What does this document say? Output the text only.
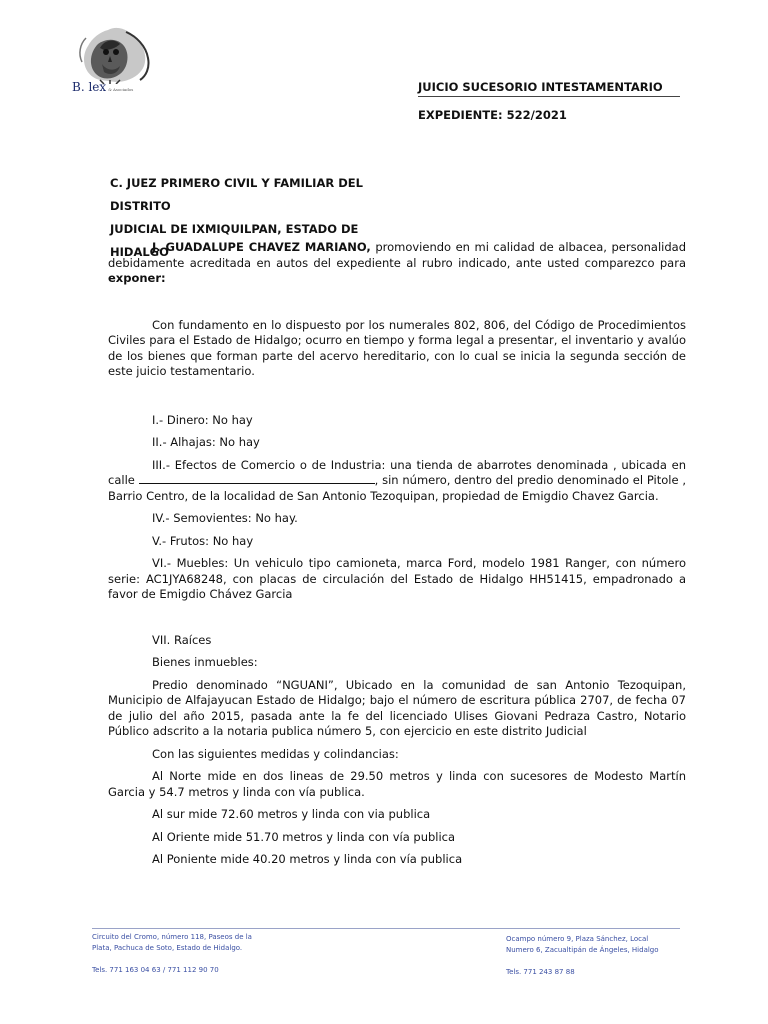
B. lex & Asociados	JUICIO SUCESORIO INTESTAMENTARIO
EXPEDIENTE: 522/2021
C. JUEZ PRIMERO CIVIL Y FAMILIAR DEL DISTRITO
JUDICIAL DE IXMIQUILPAN, ESTADO DE HIDALGO

J. GUADALUPE CHAVEZ MARIANO, promoviendo en mi calidad de albacea, personalidad debidamente acreditada en autos del expediente al rubro indicado, ante usted comparezco para exponer:

Con fundamento en lo dispuesto por los numerales 802, 806, del Código de Procedimientos Civiles para el Estado de Hidalgo; ocurro en tiempo y forma legal a presentar, el inventario y avalúo de los bienes que forman parte del acervo hereditario, con lo cual se inicia la segunda sección de este juicio testamentario.

I.- Dinero: No hay

II.- Alhajas: No hay

III.- Efectos de Comercio o de Industria: una tienda de abarrotes denominada , ubicada en calle	, sin número, dentro del predio denominado el Pitole , Barrio Centro, de la localidad de San Antonio Tezoquipan, propiedad de Emigdio Chavez Garcia.

IV.- Semovientes: No hay.

V.- Frutos: No hay

VI.- Muebles: Un vehiculo tipo camioneta, marca Ford, modelo 1981 Ranger, con número serie: AC1JYA68248, con placas de circulación del Estado de Hidalgo HH51415, empadronado a favor de Emigdio Chávez Garcia

VII. Raíces

Bienes inmuebles:

Predio denominado “NGUANI”, Ubicado en la comunidad de san Antonio Tezoquipan, Municipio de Alfajayucan Estado de Hidalgo; bajo el número de escritura pública 2707, de fecha 07 de julio del año 2015, pasada ante la fe del licenciado Ulises Giovani Pedraza Castro, Notario Público adscrito a la notaria publica número 5, con ejercicio en este distrito Judicial

Con las siguientes medidas y colindancias:

Al Norte mide en dos lineas de 29.50 metros y linda con sucesores de Modesto Martín Garcia y 54.7 metros y linda con vía publica.

Al sur mide 72.60 metros y linda con via publica

Al Oriente mide 51.70 metros y linda con vía publica

Al Poniente mide 40.20 metros y linda con vía publica

Circuito del Cromo, número 118, Paseos de la
Plata, Pachuca de Soto, Estado de Hidalgo.
Tels. 771 163 04 63 / 771 112 90 70
Ocampo número 9, Plaza Sánchez, Local
Numero 6, Zacualtipán de Ángeles, Hidalgo
Tels. 771 243 87 88
